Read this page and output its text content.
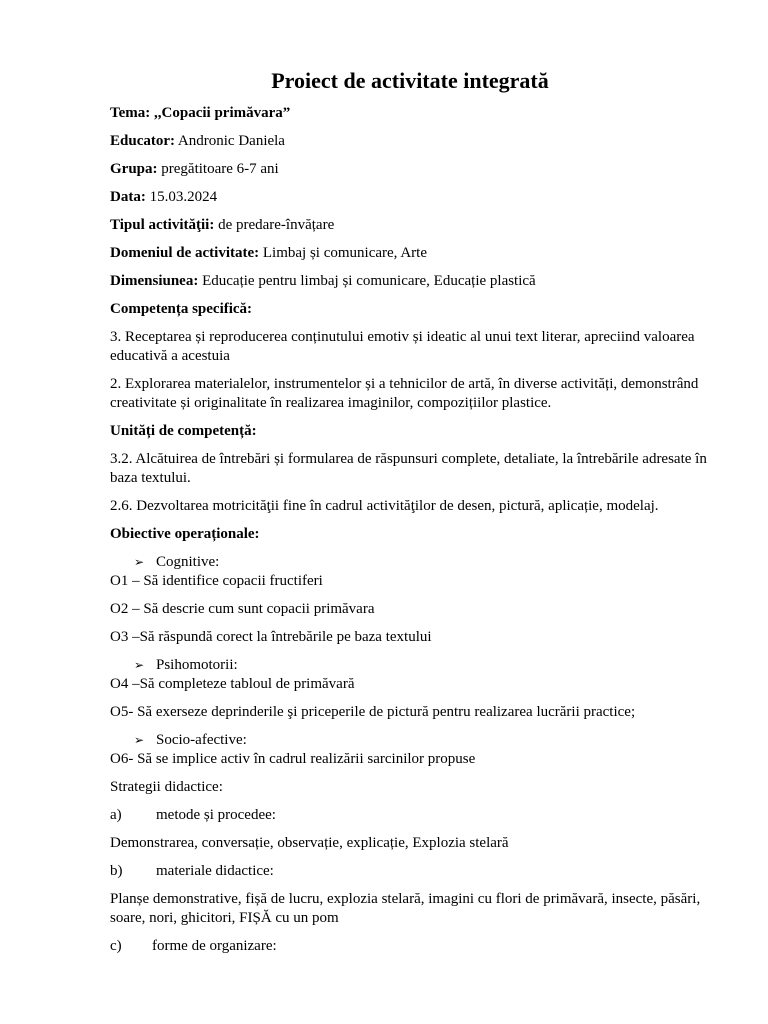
Proiect de activitate integrată
Tema: ,,Copacii primăvara”
Educator: Andronic Daniela
Grupa: pregătitoare 6-7 ani
Data: 15.03.2024
Tipul activităţii: de predare-învățare
Domeniul de activitate: Limbaj și comunicare, Arte
Dimensiunea: Educație pentru limbaj și comunicare, Educație plastică
Competența specifică:
3. Receptarea și reproducerea conținutului emotiv și ideatic al unui text literar, apreciind valoarea educativă a acestuia
2. Explorarea materialelor, instrumentelor și a tehnicilor de artă, în diverse activități, demonstrând creativitate și originalitate în realizarea imaginilor, compozițiilor plastice.
Unități de competență:
3.2. Alcătuirea de întrebări și formularea de răspunsuri complete, detaliate, la întrebările adresate în baza textului.
2.6. Dezvoltarea motricităţii fine în cadrul activităţilor de desen, pictură, aplicație, modelaj.
Obiective operaționale:
➢ Cognitive:
O1 – Să identifice copacii fructiferi
O2 – Să descrie cum sunt copacii primăvara
O3 –Să răspundă corect la întrebările pe baza textului
➢ Psihomotorii:
O4 –Să completeze tabloul de primăvară
O5- Să exerseze deprinderile şi priceperile de pictură pentru realizarea lucrării practice;
➢ Socio-afective:
O6- Să se implice activ în cadrul realizării sarcinilor propuse
Strategii didactice:
a)	metode și procedee:
Demonstrarea, conversație, observație, explicație, Explozia stelară
b)	materiale didactice:
Planșe demonstrative, fișă de lucru, explozia stelară, imagini cu flori de primăvară, insecte, păsări, soare, nori, ghicitori, FIȘĂ cu un pom
c)	forme de organizare:
